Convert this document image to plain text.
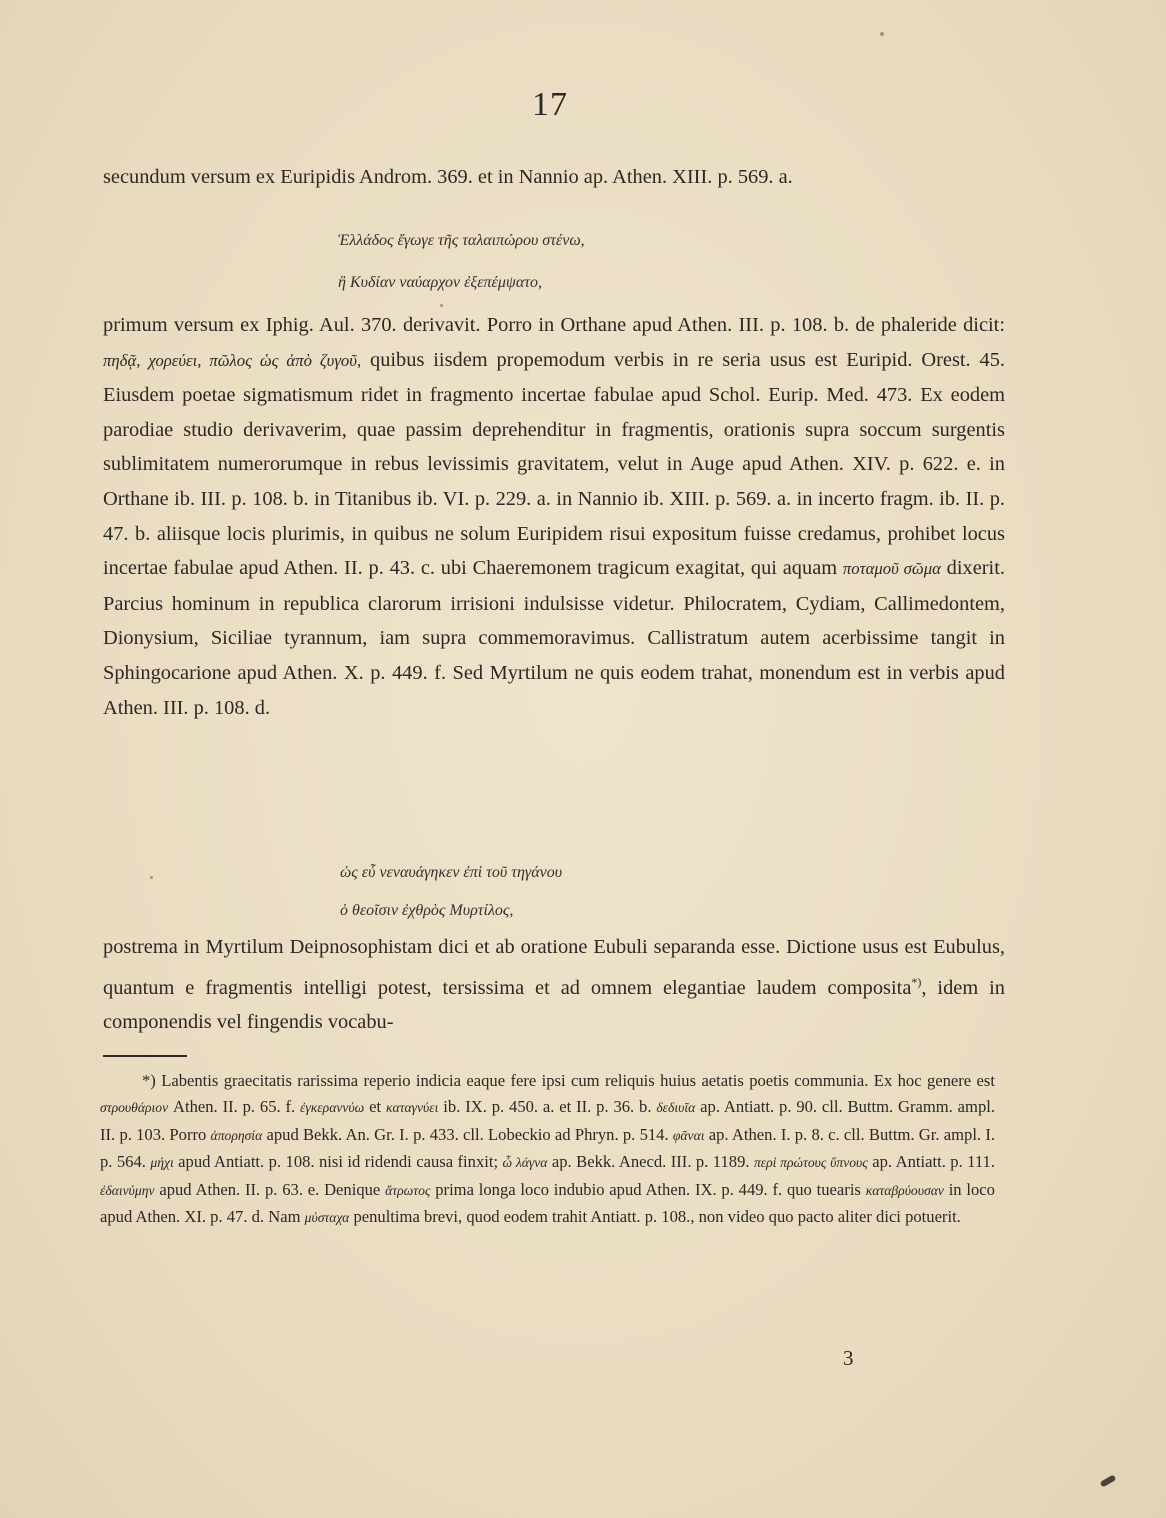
17

secundum versum ex Euripidis Androm. 369. et in Nannio ap. Athen. XIII. p. 569. a.

Ἑλλάδος ἔγωγε τῆς ταλαιπώρου στένω,
ἣ Κυδίαν ναύαρχον ἐξεπέμψατο,

primum versum ex Iphig. Aul. 370. derivavit. Porro in Orthane apud Athen. III. p. 108. b. de phaleride dicit: πηδᾷ, χορεύει, πῶλος ὡς ἀπὸ ζυγοῦ, quibus iisdem propemodum verbis in re seria usus est Euripid. Orest. 45. Eiusdem poetae sigmatismum ridet in fragmento incertae fabulae apud Schol. Eurip. Med. 473. Ex eodem parodiae studio derivaverim, quae passim deprehenditur in fragmentis, orationis supra soccum surgentis sublimitatem numerorumque in rebus levissimis gravitatem, velut in Auge apud Athen. XIV. p. 622. e. in Orthane ib. III. p. 108. b. in Titanibus ib. VI. p. 229. a. in Nannio ib. XIII. p. 569. a. in incerto fragm. ib. II. p. 47. b. aliisque locis plurimis, in quibus ne solum Euripidem risui expositum fuisse credamus, prohibet locus incertae fabulae apud Athen. II. p. 43. c. ubi Chaeremonem tragicum exagitat, qui aquam ποταμοῦ σῶμα dixerit. Parcius hominum in republica clarorum irrisioni indulsisse videtur. Philocratem, Cydiam, Callimedontem, Dionysium, Siciliae tyrannum, iam supra commemoravimus. Callistratum autem acerbissime tangit in Sphingocarione apud Athen. X. p. 449. f. Sed Myrtilum ne quis eodem trahat, monendum est in verbis apud Athen. III. p. 108. d.

ὡς εὖ νεναυάγηκεν ἐπὶ τοῦ τηγάνου
ὁ θεοῖσιν ἐχθρὸς Μυρτίλος,

postrema in Myrtilum Deipnosophistam dici et ab oratione Eubuli separanda esse. Dictione usus est Eubulus, quantum e fragmentis intelligi potest, tersissima et ad omnem elegantiae laudem composita*), idem in componendis vel fingendis vocabu-

*) Labentis graecitatis rarissima reperio indicia eaque fere ipsi cum reliquis huius aetatis poetis communia. Ex hoc genere est στρουθάριον Athen. II. p. 65. f. ἐγκεραννύω et καταγνύει ib. IX. p. 450. a. et II. p. 36. b. δεδιυῖα ap. Antiatt. p. 90. cll. Buttm. Gramm. ampl. II. p. 103. Porro ἀπορησία apud Bekk. An. Gr. I. p. 433. cll. Lobeckio ad Phryn. p. 514. φᾶναι ap. Athen. I. p. 8. c. cll. Buttm. Gr. ampl. I. p. 564. μήχι apud Antiatt. p. 108. nisi id ridendi causa finxit; ὦ λάγνα ap. Bekk. Anecd. III. p. 1189. περὶ πρώτους ὕπνους ap. Antiatt. p. 111. ἐδαινύμην apud Athen. II. p. 63. e. Denique ἄτρωτος prima longa loco indubio apud Athen. IX. p. 449. f. quo tuearis καταβρύουσαν in loco apud Athen. XI. p. 47. d. Nam μύσταχα penultima brevi, quod eodem trahit Antiatt. p. 108., non video quo pacto aliter dici potuerit.

3
